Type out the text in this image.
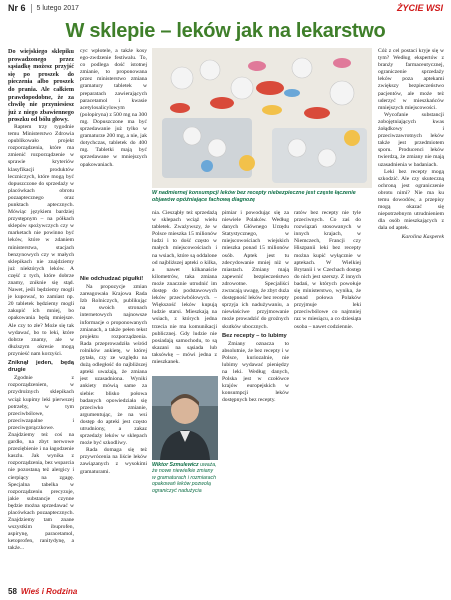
Nr 6 5 lutego 2017	ŻYCIE WSI
W sklepie – leków jak na lekarstwo

Do wiejskiego sklepiku prowadzonego przez sąsiadkę możesz przyjść się po proszek do pieczenia albo proszek do prania. Ale całkiem prawdopodobne, że za chwilę nie przyniesiesz już z niego zbawiennego proszku od bólu głowy.

Raptem trzy tygodnie temu Ministerstwo Zdrowia opublikowało projekt rozporządzenia, które ma zmienić rozporządzenie w sprawie kryteriów klasyfikacji produktów leczniczych, które mogą być dopuszczone do sprzedaży w placówkach obrotu pozaaptecznego oraz punktach aptecznych. Mówiąc językiem bardziej przystępnym – na półkach sklepów spożywczych czy w marketach nie powinno być leków, które w zdaniem ministerstwa, stacjach benzynowych czy w małych sklepikach nie znajdziemy już niektórych leków. A część z tych, które dobrze znamy, zniknie się stąd. Nawet, jeśli będziemy mogli je kupować, to zamiast np. 20 tabletek będziemy mogli zakupić ich mniej, bo opakowania będą mniejsze. Ale czy to złe? Może się tak wydawać, bo to leki, które dobrze znamy, ale w dłuższym okresie mogą przynieść nam korzyści.

Zniknął jeden, będą drugie

Zgodnie z rozporządzeniem, w przydrożnych sklepikach wciąż kupimy leki pierwszej potrzeby, w tym przeciwbólowe, przeciwzapalne i przeciwgorączkowe. Znajdziemy też coś na gardło, na zbyt nerwowe przeziębienie i na łagodzenie kaszlu. Jak wynika z rozporządzenia, bez wsparcia nie pozostaną też alergicy i cierpiący na zgagę. Specjalna tabelka w rozporządzeniu precyzuje, jakie substancje czynne będzie można sprzedawać w placówkach pozaaptecznych. Znajdziemy tam znane wszystkim ibuprofen, aspirynę, paracetamol, ketoprofen, ranitydynę, a także...

cyc wpłotele, a także kosy ego-zwdzenie festiwalu. To, co podlega dość istotnej zmianie, to proponowana przez ministerstwo zmiana gramatury tabletek w preparatach zawierających paracetamol i kwasie acetylosalicylowym (polopiryna) z 500 mg na 300 mg. Dopuszczone ma być sprzedawanie już tylko w gramaturze 200 mg, a nie, jak dotychczas, tabletek do 400 mg. Tabletki mają być sprzedawane w mniejszych opakowaniach.

Nie odchudzać pigułki!

Na propozycje zmian zareagowała Krajowa Rada Izb Rolniczych, publikując na swoich stronach internetowych najnowsze informacje o proponowanych zmianach, a także pełen tekst projektu rozporządzenia. Rada przeprowadziła wśród rolników ankietę, w której pytała, czy ze względu na dużą odległość do najbliższej apteki uważają, że zmiana jest uzasadniona. Wyniki ankiety mówią same za siebie: blisko połowa badanych opowiedziała się przeciwko zmianie, argumentując, że na wsi dostęp do apteki jest często utrudniony, a zakaz sprzedaży leków w sklepach może być szkodliwy.

Rada domaga się też przywrócenia na liście leków zawiązanych z wysokimi gramaturami.

W nadmiernej konsumpcji leków bez recepty niebezpieczne jest częste łączenie objawów opóźniające fachową diagnozę

nia. Ciesząbły też sprzedażą w sklepach wciąż wielu tabletek. Zważywszy, że w Polsce mieszka 15 milionów ludzi i to dość często w małych miejscowościach i na wsiach, które są oddalone od najbliższej apteki o kilka, a nawet kilkanaście kilometrów, taka zmiana może znacznie utrudnić im dostęp do podstawowych leków przeciwbólowych. – Większość leków kupują ludzie starsi. Mieszkają na wsiach, z których jedna trzecia nie ma komunikacji publicznej. Gdy ludzie nie posiadają samochodu, to są skazani na sąsiada lub taksówkę – mówi jedna z mieszkanek.

Wiktor Szmulewicz uważa, że nowe niewielkie zmiany w gramaturach i rozmiarach opakowań leków pozwolą ograniczyć nadużycia

pimiar i powodując się za niewiele Polaków. Według danych Głównego Urzędu Statystycznego, w miejscowościach wiejskich mieszka ponad 15 milionów osób. Aptek jest tu zdecydowanie mniej niż w miastach. Zmiany mają zapewnić bezpieczeństwo zdrowotne. Specjaliści zwracają uwagę, że zbyt duża dostępność leków bez recepty sprzyja ich nadużywaniu, a niewłaściwe przyjmowanie może prowadzić do groźnych skutków ubocznych.

Bez recepty – to lubimy

Zmiany oznacza to absolutnie, że bez recepty i w Polsce, kuriozalnie, nie lubimy wydawać pieniędzy na leki. Według danych, Polska jest w czołówce krajów europejskich w konsumpcji leków dostępnych bez recepty.

ratów bez recepty nie tyle przeciwnych. Co zaś do rozwiązań stosowanych w innych krajach, w Niemczech, Francji czy Hiszpanii leki bez recepty można kupić wyłącznie w aptekach. W Wielkiej Brytanii i w Czechach dostęp do nich jest szerszy. Z innych badań, w których powołuje się ministerstwo, wynika, że ponad połowa Polaków przyjmuje leki przeciwbólowe co najmniej raz w miesiącu, a co dziesiąta osoba – nawet codziennie.

Cóż z cel postaci kryje się w tym? Według ekspertów z branży farmaceutycznej, ograniczenie sprzedaży leków poza aptekami zwiększy bezpieczeństwo pacjentów, ale może też uderzyć w mieszkańców mniejszych miejscowości.

Wycofanie substancji zobojętniających kwas żołądkowy i przeciwzawrotnych leków także jest przedmiotem sporu. Producenci leków twierdzą, że zmiany nie mają uzasadnienia w badaniach.

Leki bez recepty mogą szkodzić. Ale czy skuteczną ochroną jest ograniczenie obrotu nimi? Nie ma ku temu dowodów, a przepisy mogą okazać się niepotrzebnym utrudnieniem dla osób mieszkających z dala od aptek.

Karolina Kasperek

58 Wieś i Rodzina
